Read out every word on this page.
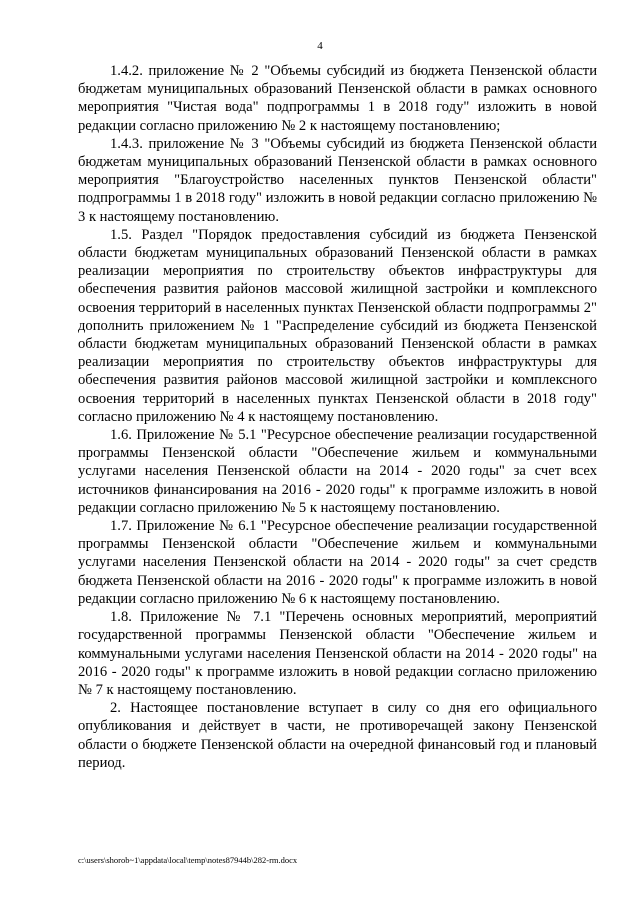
4

1.4.2. приложение № 2 "Объемы субсидий из бюджета Пензенской области бюджетам муниципальных образований Пензенской области в рамках основного мероприятия "Чистая вода" подпрограммы 1 в 2018 году" изложить в новой редакции согласно приложению № 2 к настоящему постановлению;

1.4.3. приложение № 3 "Объемы субсидий из бюджета Пензенской области бюджетам муниципальных образований Пензенской области в рамках основного мероприятия "Благоустройство населенных пунктов Пензенской области" подпрограммы 1 в 2018 году" изложить в новой редакции согласно приложению № 3 к настоящему постановлению.

1.5. Раздел "Порядок предоставления субсидий из бюджета Пензенской области бюджетам муниципальных образований Пензенской области в рамках реализации мероприятия по строительству объектов инфраструктуры для обеспечения развития районов массовой жилищной застройки и комплексного освоения территорий в населенных пунктах Пензенской области подпрограммы 2" дополнить приложением № 1 "Распределение субсидий из бюджета Пензенской области бюджетам муниципальных образований Пензенской области в рамках реализации мероприятия по строительству объектов инфраструктуры для обеспечения развития районов массовой жилищной застройки и комплексного освоения территорий в населенных пунктах Пензенской области в 2018 году" согласно приложению № 4 к настоящему постановлению.

1.6. Приложение № 5.1 "Ресурсное обеспечение реализации государственной программы Пензенской области "Обеспечение жильем и коммунальными услугами населения Пензенской области на 2014 - 2020 годы" за счет всех источников финансирования на 2016 - 2020 годы" к программе изложить в новой редакции согласно приложению № 5 к настоящему постановлению.

1.7. Приложение № 6.1 "Ресурсное обеспечение реализации государственной программы Пензенской области "Обеспечение жильем и коммунальными услугами населения Пензенской области на 2014 - 2020 годы" за счет средств бюджета Пензенской области на 2016 - 2020 годы" к программе изложить в новой редакции согласно приложению № 6 к настоящему постановлению.

1.8. Приложение № 7.1 "Перечень основных мероприятий, мероприятий государственной программы Пензенской области "Обеспечение жильем и коммунальными услугами населения Пензенской области на 2014 - 2020 годы" на 2016 - 2020 годы" к программе изложить в новой редакции согласно приложению № 7 к настоящему постановлению.

2. Настоящее постановление вступает в силу со дня его официального опубликования и действует в части, не противоречащей закону Пензенской области о бюджете Пензенской области на очередной финансовый год и плановый период.

c:\users\shorob~1\appdata\local\temp\notes87944b\282-rm.docx
